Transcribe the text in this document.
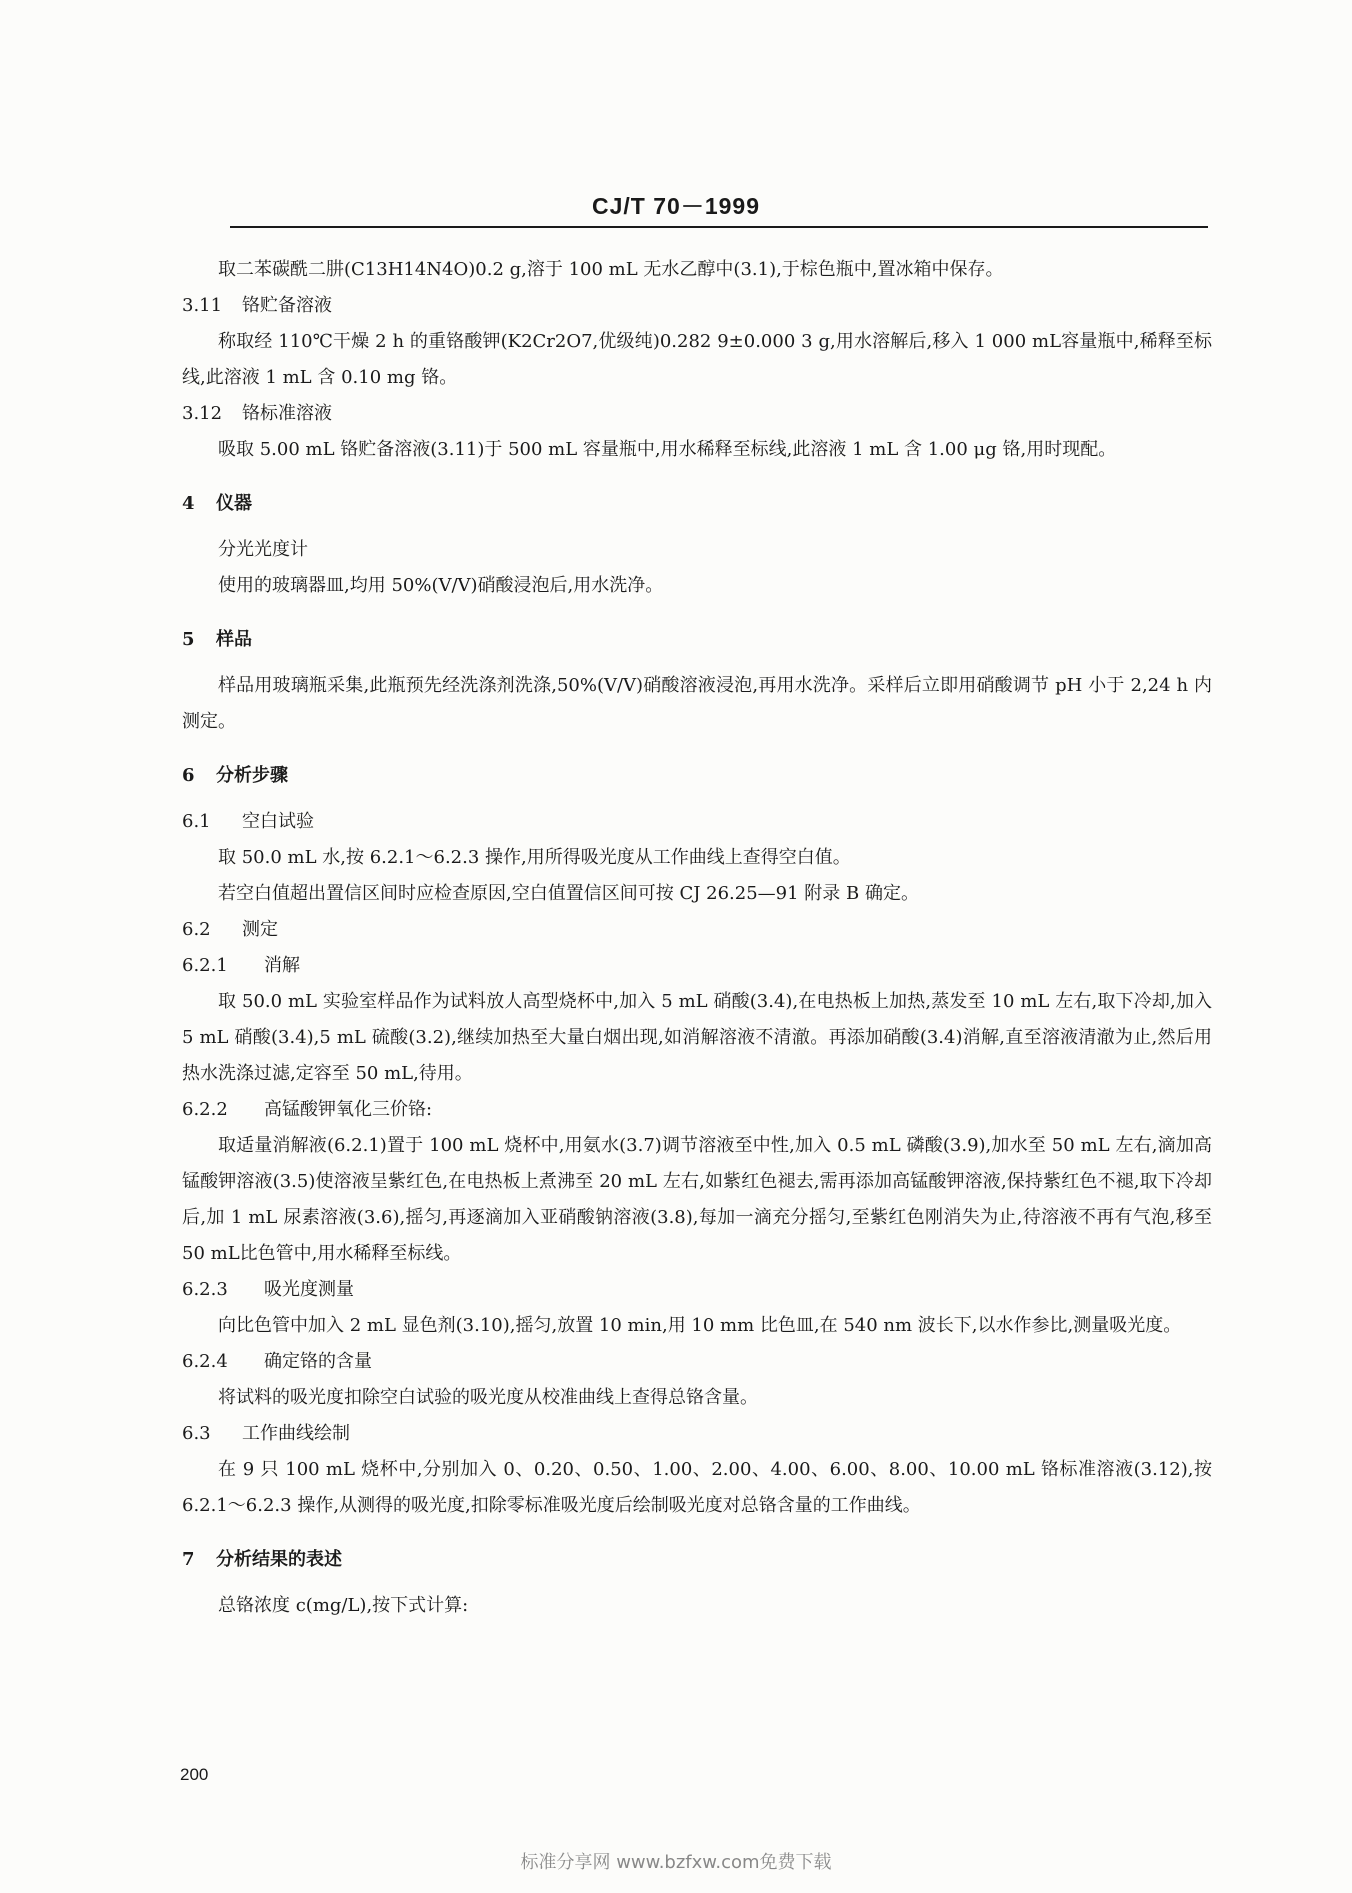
CJ/T 70－1999

取二苯碳酰二肼(C13H14N4O)0.2 g,溶于 100 mL 无水乙醇中(3.1),于棕色瓶中,置冰箱中保存。

3.11 铬贮备溶液

称取经 110℃干燥 2 h 的重铬酸钾(K2Cr2O7,优级纯)0.282 9±0.000 3 g,用水溶解后,移入 1 000 mL容量瓶中,稀释至标线,此溶液 1 mL 含 0.10 mg 铬。

3.12 铬标准溶液

吸取 5.00 mL 铬贮备溶液(3.11)于 500 mL 容量瓶中,用水稀释至标线,此溶液 1 mL 含 1.00 μg 铬,用时现配。

4 仪器

分光光度计

使用的玻璃器皿,均用 50%(V/V)硝酸浸泡后,用水洗净。

5 样品

样品用玻璃瓶采集,此瓶预先经洗涤剂洗涤,50%(V/V)硝酸溶液浸泡,再用水洗净。采样后立即用硝酸调节 pH 小于 2,24 h 内测定。

6 分析步骤
6.1 空白试验

取 50.0 mL 水,按 6.2.1～6.2.3 操作,用所得吸光度从工作曲线上查得空白值。

若空白值超出置信区间时应检查原因,空白值置信区间可按 CJ 26.25—91 附录 B 确定。

6.2 测定
6.2.1 消解

取 50.0 mL 实验室样品作为试料放人高型烧杯中,加入 5 mL 硝酸(3.4),在电热板上加热,蒸发至 10 mL 左右,取下冷却,加入 5 mL 硝酸(3.4),5 mL 硫酸(3.2),继续加热至大量白烟出现,如消解溶液不清澈。再添加硝酸(3.4)消解,直至溶液清澈为止,然后用热水洗涤过滤,定容至 50 mL,待用。

6.2.2 高锰酸钾氧化三价铬:

取适量消解液(6.2.1)置于 100 mL 烧杯中,用氨水(3.7)调节溶液至中性,加入 0.5 mL 磷酸(3.9),加水至 50 mL 左右,滴加高锰酸钾溶液(3.5)使溶液呈紫红色,在电热板上煮沸至 20 mL 左右,如紫红色褪去,需再添加高锰酸钾溶液,保持紫红色不褪,取下冷却后,加 1 mL 尿素溶液(3.6),摇匀,再逐滴加入亚硝酸钠溶液(3.8),每加一滴充分摇匀,至紫红色刚消失为止,待溶液不再有气泡,移至 50 mL比色管中,用水稀释至标线。

6.2.3 吸光度测量

向比色管中加入 2 mL 显色剂(3.10),摇匀,放置 10 min,用 10 mm 比色皿,在 540 nm 波长下,以水作参比,测量吸光度。

6.2.4 确定铬的含量

将试料的吸光度扣除空白试验的吸光度从校准曲线上查得总铬含量。

6.3 工作曲线绘制

在 9 只 100 mL 烧杯中,分别加入 0、0.20、0.50、1.00、2.00、4.00、6.00、8.00、10.00 mL 铬标准溶液(3.12),按 6.2.1～6.2.3 操作,从测得的吸光度,扣除零标准吸光度后绘制吸光度对总铬含量的工作曲线。

7 分析结果的表述

总铬浓度 c(mg/L),按下式计算:

200
标准分享网 www.bzfxw.com免费下载
